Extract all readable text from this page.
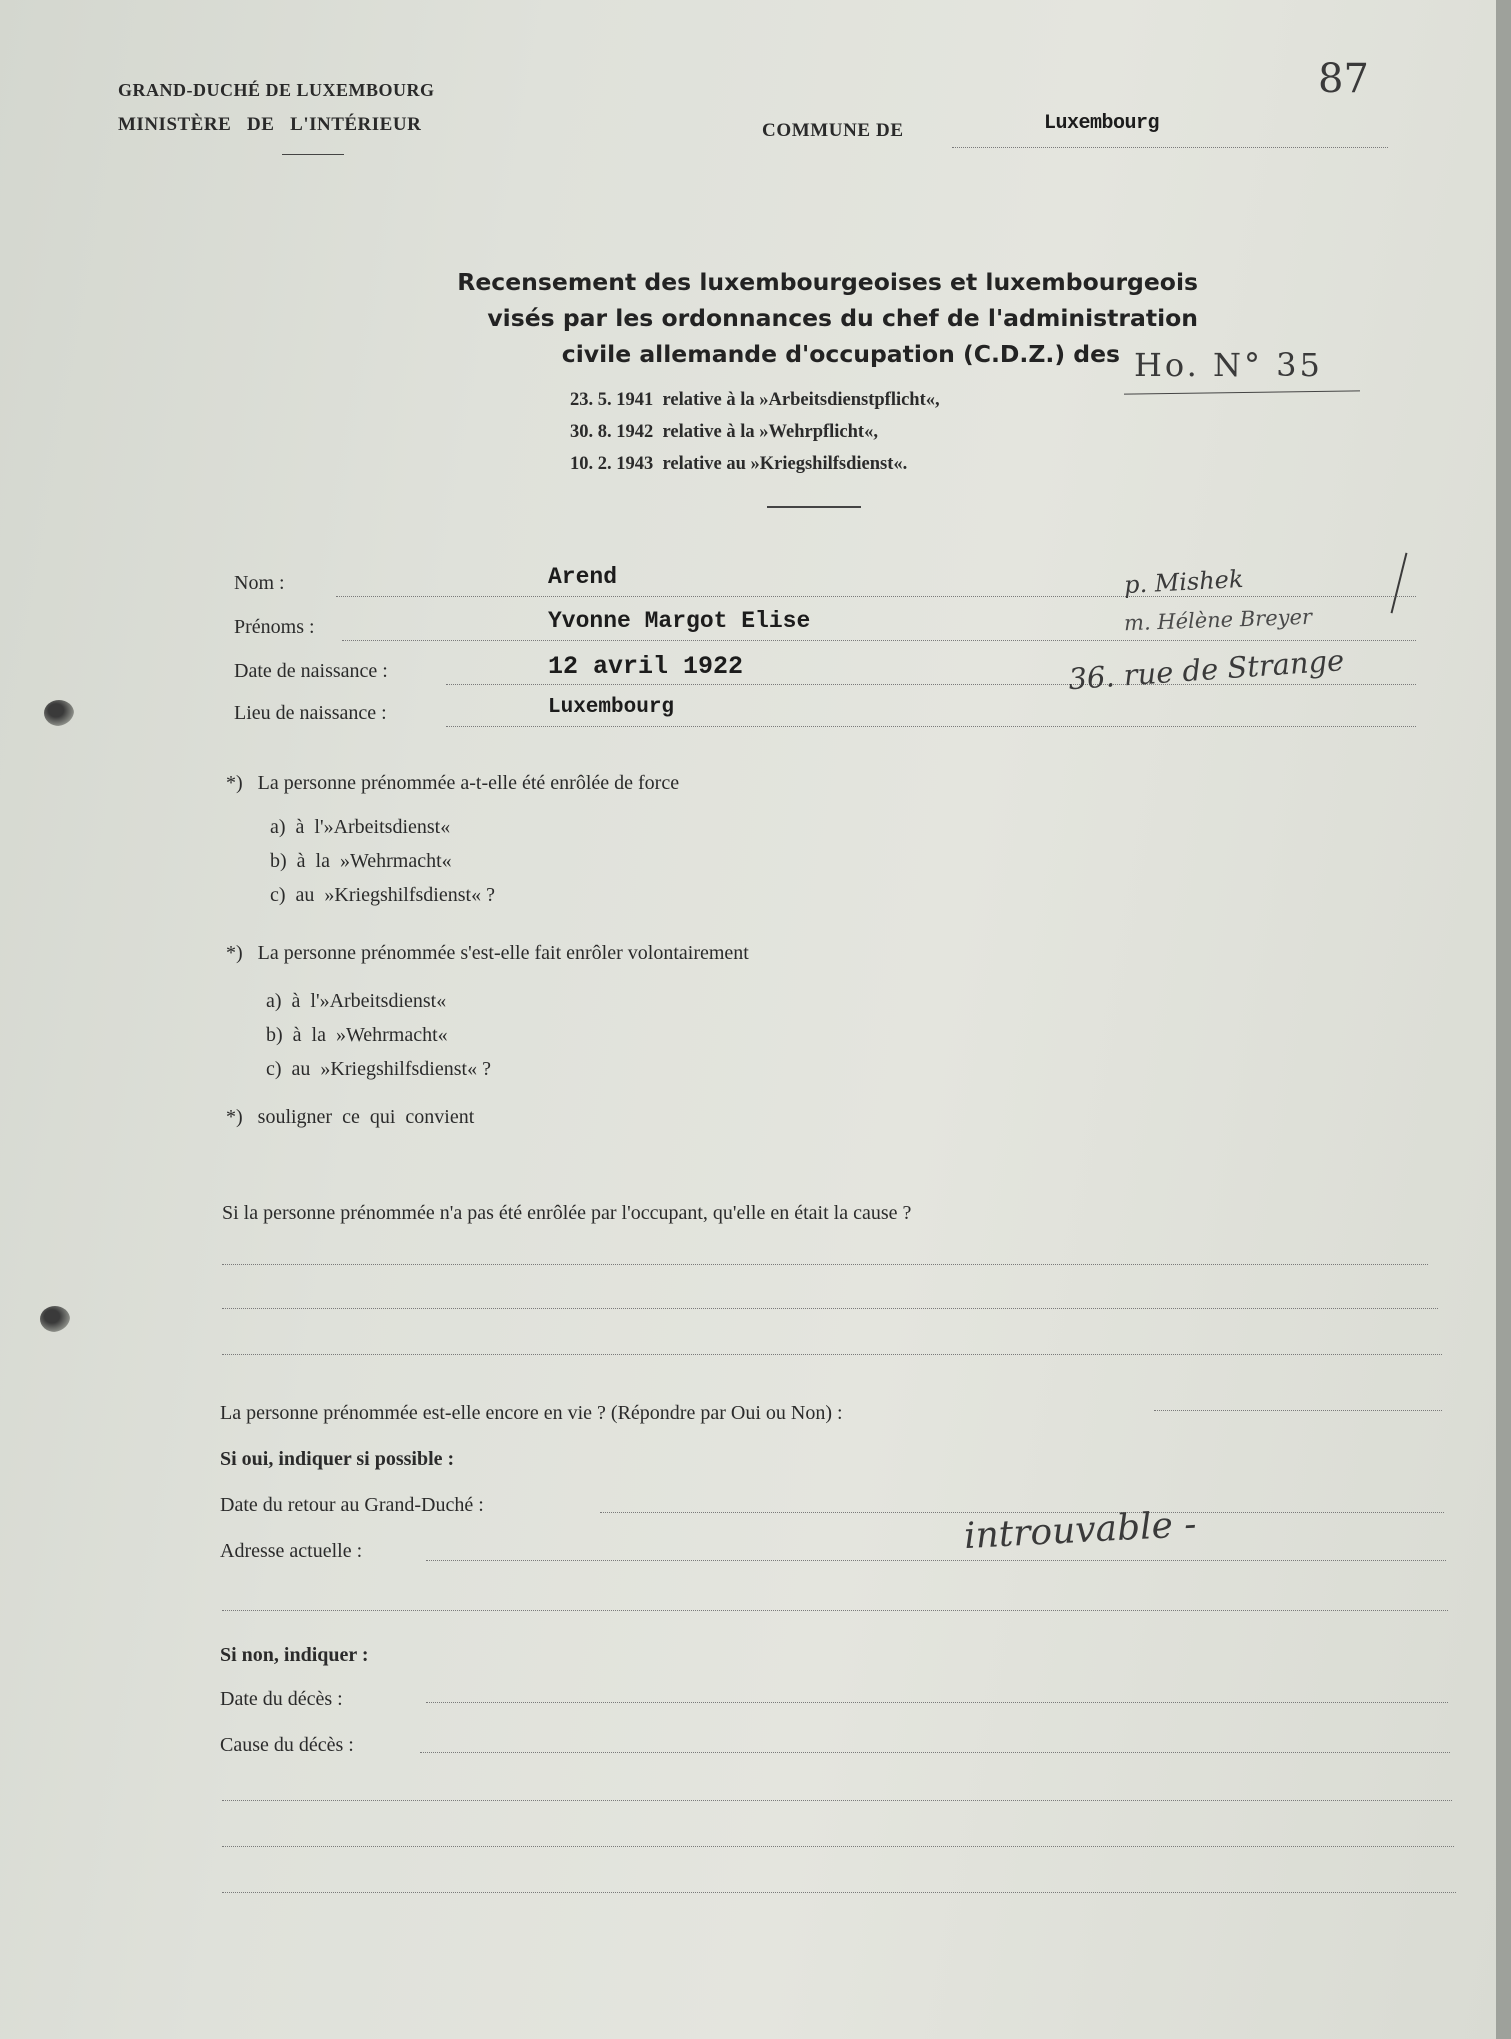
GRAND-DUCHÉ DE LUXEMBOURG
MINISTÈRE   DE   L'INTÉRIEUR	COMMUNE DE	Luxembourg
87
Recensement des luxembourgeoises et luxembourgeois
visés par les ordonnances du chef de l'administration
civile allemande d'occupation (C.D.Z.) des Ho. N° 35
23. 5. 1941  relative à la »Arbeitsdienstpflicht«,
30. 8. 1942  relative à la »Wehrpflicht«,
10. 2. 1943  relative au »Kriegshilfsdienst«.
Nom :	Arend
Prénoms :	Yvonne Margot Elise
Date de naissance :	12 avril 1922
Lieu de naissance :	Luxembourg
p. Mishek
m. Hélène Breyer
36. rue de Strange
*)   La personne prénommée a-t-elle été enrôlée de force
a)  à  l'»Arbeitsdienst«
b)  à  la  »Wehrmacht«
c)  au  »Kriegshilfsdienst« ?
*)   La personne prénommée s'est-elle fait enrôler volontairement
a)  à  l'»Arbeitsdienst«
b)  à  la  »Wehrmacht«
c)  au  »Kriegshilfsdienst« ?
*)   souligner  ce  qui  convient
Si la personne prénommée n'a pas été enrôlée par l'occupant, qu'elle en était la cause ?
La personne prénommée est-elle encore en vie ? (Répondre par Oui ou Non) :
Si oui, indiquer si possible :
Date du retour au Grand-Duché :
Adresse actuelle :	introuvable -
Si non, indiquer :
Date du décès :
Cause du décès :
